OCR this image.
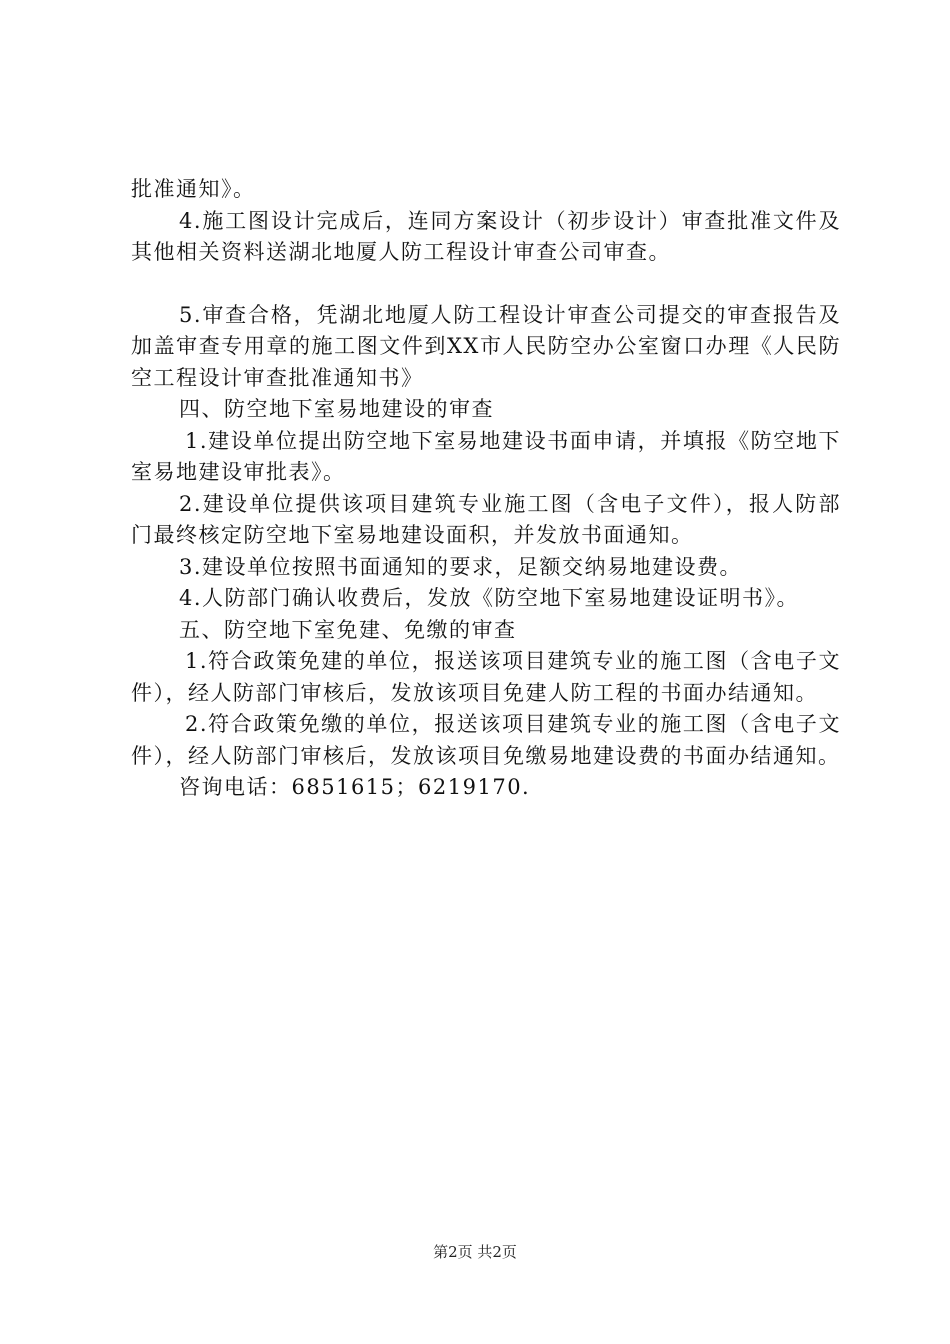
批准通知》。

4.施工图设计完成后，连同方案设计（初步设计）审查批准文件及其他相关资料送湖北地厦人防工程设计审查公司审查。

5.审查合格，凭湖北地厦人防工程设计审查公司提交的审查报告及加盖审查专用章的施工图文件到XX市人民防空办公室窗口办理《人民防空工程设计审查批准通知书》

四、防空地下室易地建设的审查

1.建设单位提出防空地下室易地建设书面申请，并填报《防空地下室易地建设审批表》。

2.建设单位提供该项目建筑专业施工图（含电子文件），报人防部门最终核定防空地下室易地建设面积，并发放书面通知。

3.建设单位按照书面通知的要求，足额交纳易地建设费。

4.人防部门确认收费后，发放《防空地下室易地建设证明书》。

五、防空地下室免建、免缴的审查

1.符合政策免建的单位，报送该项目建筑专业的施工图（含电子文件），经人防部门审核后，发放该项目免建人防工程的书面办结通知。

2.符合政策免缴的单位，报送该项目建筑专业的施工图（含电子文件），经人防部门审核后，发放该项目免缴易地建设费的书面办结通知。

咨询电话：6851615；6219170.

第2页 共2页
